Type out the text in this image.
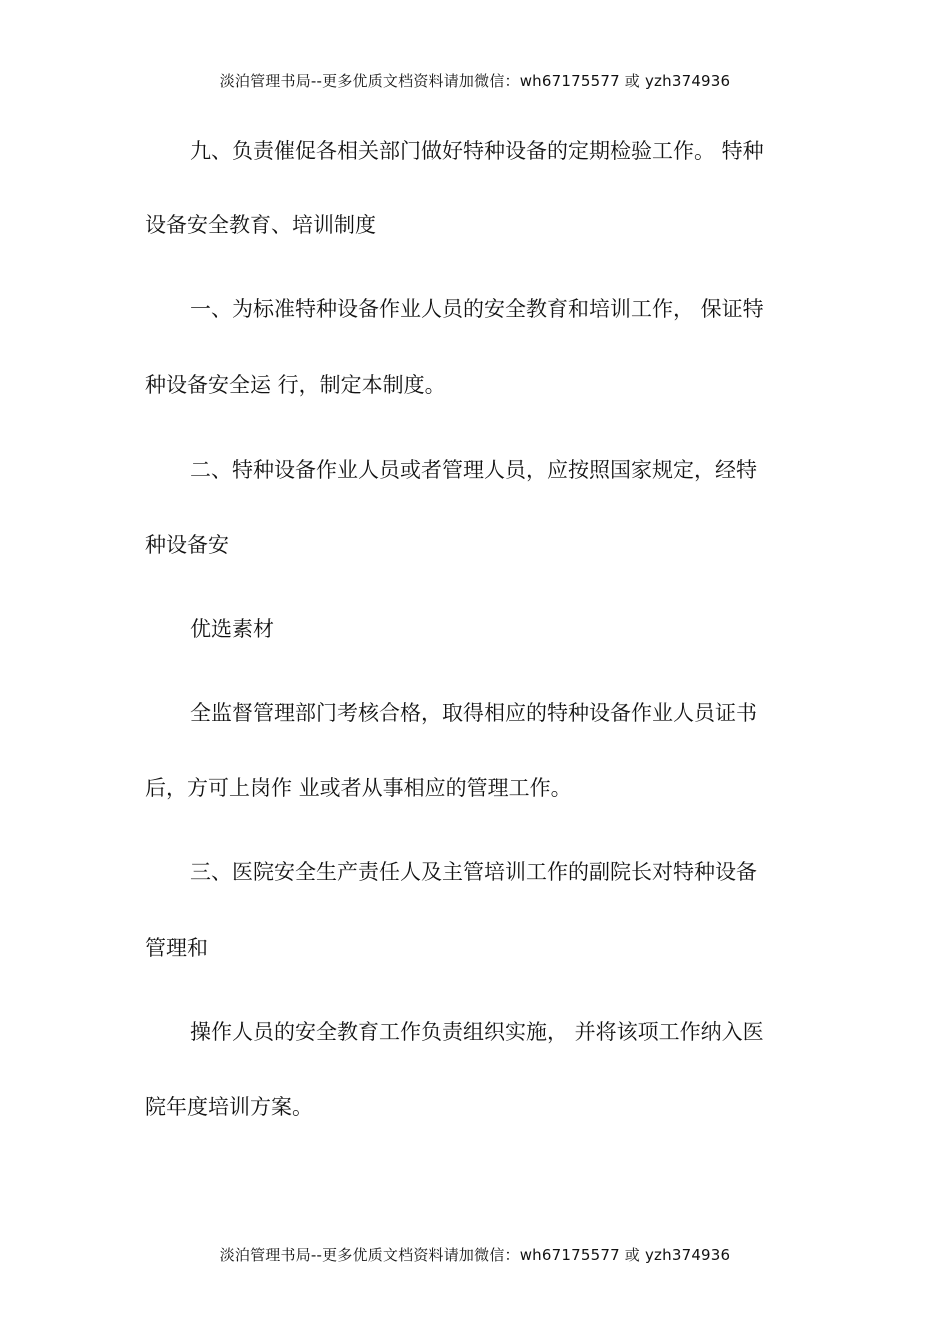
淡泊管理书局--更多优质文档资料请加微信：wh67175577 或 yzh374936
九、负责催促各相关部门做好特种设备的定期检验工作。 特种
设备安全教育、培训制度
一、为标准特种设备作业人员的安全教育和培训工作， 保证特
种设备安全运 行，制定本制度。
二、特种设备作业人员或者管理人员，应按照国家规定，经特
种设备安
优选素材
全监督管理部门考核合格，取得相应的特种设备作业人员证书
后，方可上岗作 业或者从事相应的管理工作。
三、医院安全生产责任人及主管培训工作的副院长对特种设备
管理和
操作人员的安全教育工作负责组织实施， 并将该项工作纳入医
院年度培训方案。
淡泊管理书局--更多优质文档资料请加微信：wh67175577 或 yzh374936
